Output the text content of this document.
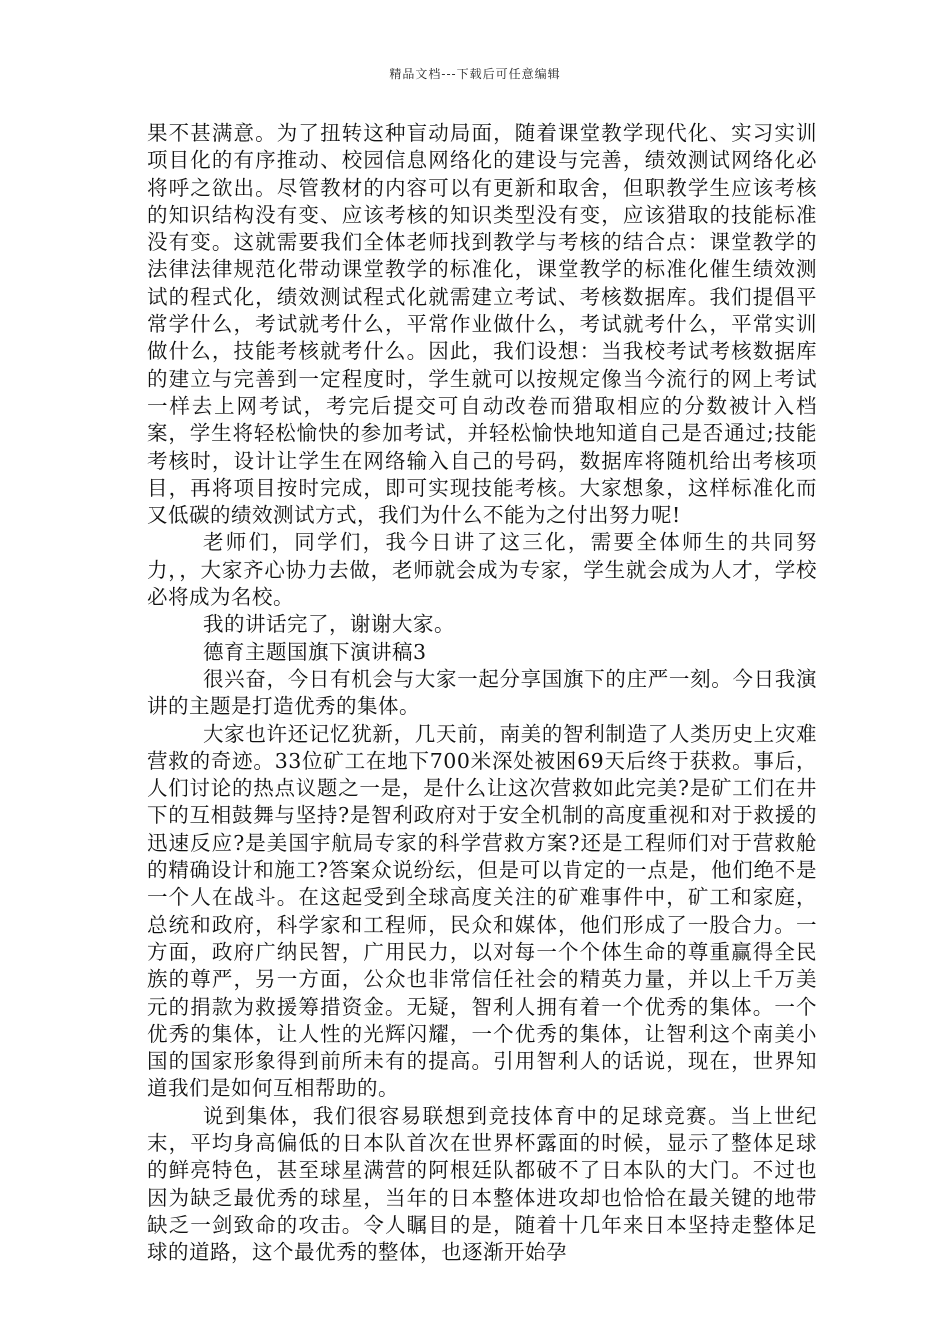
精品文档---下载后可任意编辑

果不甚满意。为了扭转这种盲动局面，随着课堂教学现代化、实习实训项目化的有序推动、校园信息网络化的建设与完善，绩效测试网络化必将呼之欲出。尽管教材的内容可以有更新和取舍，但职教学生应该考核的知识结构没有变、应该考核的知识类型没有变，应该猎取的技能标准没有变。这就需要我们全体老师找到教学与考核的结合点：课堂教学的法律法律规范化带动课堂教学的标准化，课堂教学的标准化催生绩效测试的程式化，绩效测试程式化就需建立考试、考核数据库。我们提倡平常学什么，考试就考什么，平常作业做什么，考试就考什么，平常实训做什么，技能考核就考什么。因此，我们设想：当我校考试考核数据库的建立与完善到一定程度时，学生就可以按规定像当今流行的网上考试一样去上网考试，考完后提交可自动改卷而猎取相应的分数被计入档案，学生将轻松愉快的参加考试，并轻松愉快地知道自己是否通过;技能考核时，设计让学生在网络输入自己的号码，数据库将随机给出考核项目，再将项目按时完成，即可实现技能考核。大家想象，这样标准化而又低碳的绩效测试方式，我们为什么不能为之付出努力呢!

老师们，同学们，我今日讲了这三化，需要全体师生的共同努力，，大家齐心协力去做，老师就会成为专家，学生就会成为人才，学校必将成为名校。

我的讲话完了，谢谢大家。

德育主题国旗下演讲稿3

很兴奋，今日有机会与大家一起分享国旗下的庄严一刻。今日我演讲的主题是打造优秀的集体。

大家也许还记忆犹新，几天前，南美的智利制造了人类历史上灾难营救的奇迹。33位矿工在地下700米深处被困69天后终于获救。事后，人们讨论的热点议题之一是，是什么让这次营救如此完美?是矿工们在井下的互相鼓舞与坚持?是智利政府对于安全机制的高度重视和对于救援的迅速反应?是美国宇航局专家的科学营救方案?还是工程师们对于营救舱的精确设计和施工?答案众说纷纭，但是可以肯定的一点是，他们绝不是一个人在战斗。在这起受到全球高度关注的矿难事件中，矿工和家庭，总统和政府，科学家和工程师，民众和媒体，他们形成了一股合力。一方面，政府广纳民智，广用民力，以对每一个个体生命的尊重赢得全民族的尊严，另一方面，公众也非常信任社会的精英力量，并以上千万美元的捐款为救援筹措资金。无疑，智利人拥有着一个优秀的集体。一个优秀的集体，让人性的光辉闪耀，一个优秀的集体，让智利这个南美小国的国家形象得到前所未有的提高。引用智利人的话说，现在，世界知道我们是如何互相帮助的。

说到集体，我们很容易联想到竞技体育中的足球竞赛。当上世纪末，平均身高偏低的日本队首次在世界杯露面的时候，显示了整体足球的鲜亮特色，甚至球星满营的阿根廷队都破不了日本队的大门。不过也因为缺乏最优秀的球星，当年的日本整体进攻却也恰恰在最关键的地带缺乏一剑致命的攻击。令人瞩目的是，随着十几年来日本坚持走整体足球的道路，这个最优秀的整体，也逐渐开始孕
